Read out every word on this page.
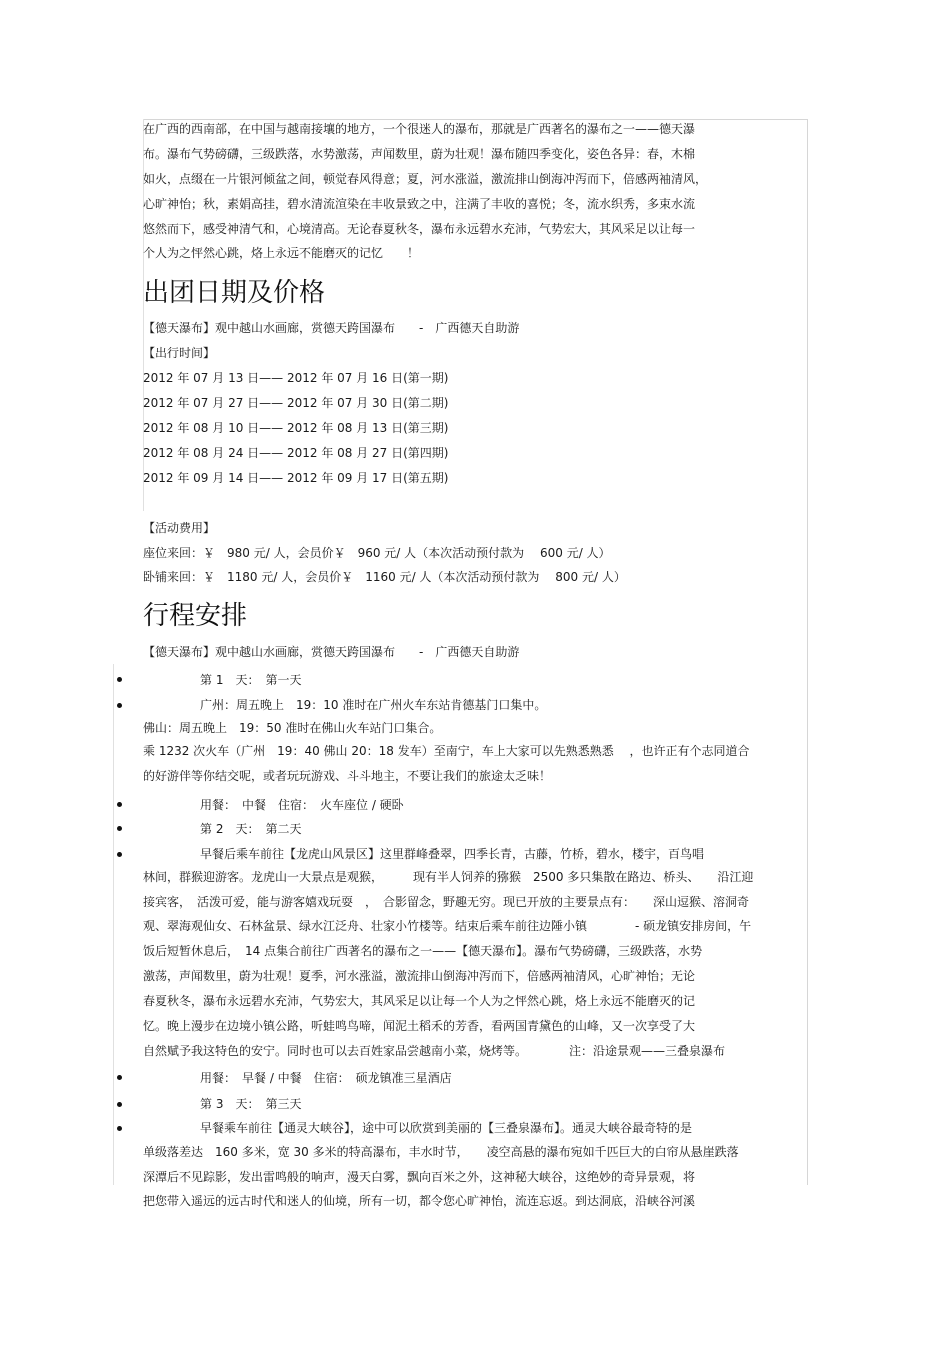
在广西的西南部，在中国与越南接壤的地方，一个很迷人的瀑布，那就是广西著名的瀑布之一——德天瀑
布。瀑布气势磅礴，三级跌落，水势激荡，声闻数里，蔚为壮观！瀑布随四季变化，姿色各异：春，木棉
如火，点缀在一片银河倾盆之间，顿觉春风得意；夏，河水涨溢，激流排山倒海冲泻而下，倍感两袖清风，
心旷神怡；秋，素娟高挂，碧水清流渲染在丰收景致之中，注满了丰收的喜悦；冬，流水织秀，多束水流
悠然而下，感受神清气和，心境清高。无论春夏秋冬，瀑布永远碧水充沛，气势宏大，其风采足以让每一
个人为之怦然心跳，烙上永远不能磨灭的记忆　　！
出团日期及价格
【德天瀑布】观中越山水画廊，赏德天跨国瀑布　　-　广西德天自助游
【出行时间】
2012 年 07 月 13 日—— 2012 年 07 月 16 日(第一期)
2012 年 07 月 27 日—— 2012 年 07 月 30 日(第二期)
2012 年 08 月 10 日—— 2012 年 08 月 13 日(第三期)
2012 年 08 月 24 日—— 2012 年 08 月 27 日(第四期)
2012 年 09 月 14 日—— 2012 年 09 月 17 日(第五期)
【活动费用】
座位来回：￥　980 元/ 人，会员价￥　960 元/ 人（本次活动预付款为　 600 元/ 人）
卧铺来回：￥　1180 元/ 人，会员价￥　1160 元/ 人（本次活动预付款为　 800 元/ 人）
行程安排
【德天瀑布】观中越山水画廊，赏德天跨国瀑布　　-　广西德天自助游
第 1　天：　第一天
广州：周五晚上　19：10 准时在广州火车东站肯德基门口集中。
佛山：周五晚上　19：50 准时在佛山火车站门口集合。
乘 1232 次火车（广州　19：40 佛山 20：18 发车）至南宁，车上大家可以先熟悉熟悉　 ，也许正有个志同道合
的好游伴等你结交呢，或者玩玩游戏、斗斗地主，不要让我们的旅途太乏味！
用餐：　中餐　住宿：　火车座位 / 硬卧
第 2　天：　第二天
早餐后乘车前往【龙虎山风景区】这里群峰叠翠，四季长青，古藤，竹桥，碧水，楼宇，百鸟唱
林间，群猴迎游客。龙虎山一大景点是观猴，　　　现有半人饲养的猕猴　2500 多只集散在路边、桥头、　　沿江迎
接宾客，　活泼可爱，能与游客嬉戏玩耍　，　合影留念，野趣无穷。现已开放的主要景点有：　　深山逗猴、溶洞奇
观、翠海观仙女、石林盆景、绿水江泛舟、壮家小竹楼等。结束后乘车前往边陲小镇　　　　- 硕龙镇安排房间，午
饭后短暂休息后，　14 点集合前往广西著名的瀑布之一——【德天瀑布】。瀑布气势磅礴，三级跌落，水势
激荡，声闻数里，蔚为壮观！夏季，河水涨溢，激流排山倒海冲泻而下，倍感两袖清风，心旷神怡；无论
春夏秋冬，瀑布永远碧水充沛，气势宏大，其风采足以让每一个人为之怦然心跳，烙上永远不能磨灭的记
忆。晚上漫步在边境小镇公路，听蛙鸣鸟啼，闻泥土稻禾的芳香，看两国青黛色的山峰，又一次享受了大
自然赋予我这特色的安宁。同时也可以去百姓家品尝越南小菜，烧烤等。　　　　注：沿途景观——三叠泉瀑布
用餐：　早餐 / 中餐　住宿：　硕龙镇准三星酒店
第 3　天：　第三天
早餐乘车前往【通灵大峡谷】，途中可以欣赏到美丽的【三叠泉瀑布】。通灵大峡谷最奇特的是
单级落差达　160 多米，宽 30 多米的特高瀑布，丰水时节，　　凌空高悬的瀑布宛如千匹巨大的白帘从悬崖跌落
深潭后不见踪影，发出雷鸣般的响声，漫天白雾，飘向百米之外，这神秘大峡谷，这绝妙的奇异景观，将
把您带入遥远的远古时代和迷人的仙境，所有一切，都令您心旷神怡，流连忘返。到达洞底，沿峡谷河溪
